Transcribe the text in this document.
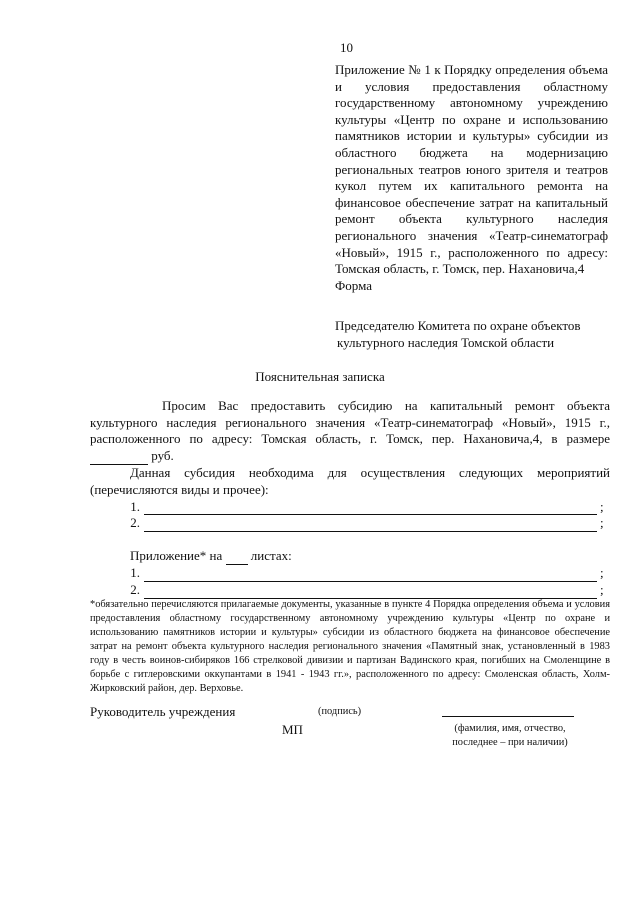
10
Приложение № 1 к Порядку определения объема и условия предоставления областному государственному автономному учреждению культуры «Центр по охране и использованию памятников истории и культуры» субсидии из областного бюджета на модернизацию региональных театров юного зрителя и театров кукол путем их капитального ремонта на финансовое обеспечение затрат на капитальный ремонт объекта культурного наследия регионального значения «Театр-синематограф «Новый», 1915 г., расположенного по адресу: Томская область, г. Томск, пер. Нахановича,4
Форма
Председателю Комитета по охране объектов
культурного наследия Томской области
Пояснительная записка
Просим Вас предоставить субсидию на капитальный ремонт объекта культурного наследия регионального значения «Театр-синематограф «Новый», 1915 г., расположенного по адресу: Томская область, г. Томск, пер. Нахановича,4, в размере   руб.
Данная субсидия необходима для осуществления следующих мероприятий (перечисляются виды и прочее):
1.	;
2.	;
Приложение* на листах:
1.	;
2.	;
*обязательно перечисляются прилагаемые документы, указанные в пункте 4 Порядка определения объема и условия предоставления областному государственному автономному учреждению культуры «Центр по охране и использованию памятников истории и культуры» субсидии из областного бюджета на финансовое обеспечение затрат на ремонт объекта культурного наследия регионального значения «Памятный знак, установленный в 1983 году в честь воинов-сибиряков 166 стрелковой дивизии и партизан Вадинского края, погибших на Смоленщине в борьбе с гитлеровскими оккупантами в 1941 - 1943 гг.», расположенного по адресу: Смоленская область, Холм-Жирковский район, дер. Верховье.
Руководитель учреждения	(подпись)
МП	(фамилия, имя, отчество,
последнее – при наличии)
